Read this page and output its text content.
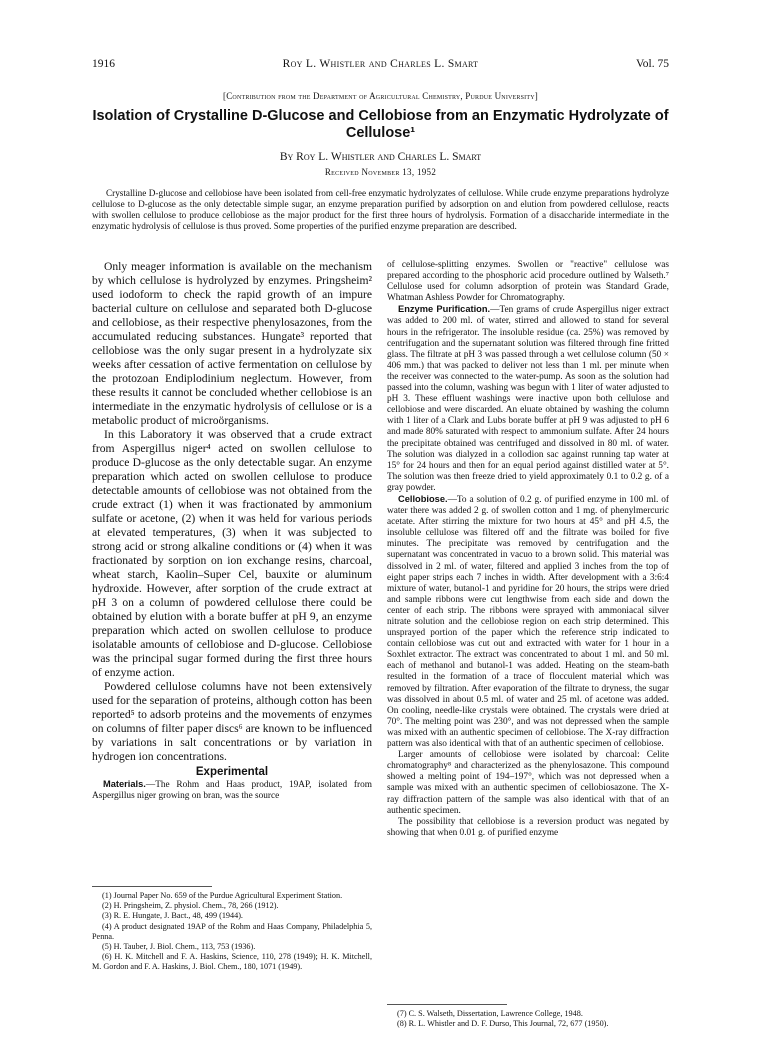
1916	Roy L. Whistler and Charles L. Smart	Vol. 75
[Contribution from the Department of Agricultural Chemistry, Purdue University]
Isolation of Crystalline D-Glucose and Cellobiose from an Enzymatic Hydrolyzate of Cellulose¹
By Roy L. Whistler and Charles L. Smart
Received November 13, 1952
Crystalline D-glucose and cellobiose have been isolated from cell-free enzymatic hydrolyzates of cellulose. While crude enzyme preparations hydrolyze cellulose to D-glucose as the only detectable simple sugar, an enzyme preparation purified by adsorption on and elution from powdered cellulose, reacts with swollen cellulose to produce cellobiose as the major product for the first three hours of hydrolysis. Formation of a disaccharide intermediate in the enzymatic hydrolysis of cellulose is thus proved. Some properties of the purified enzyme preparation are described.

Only meager information is available on the mechanism by which cellulose is hydrolyzed by enzymes. Pringsheim² used iodoform to check the rapid growth of an impure bacterial culture on cellulose and separated both D-glucose and cellobiose, as their respective phenylosazones, from the accumulated reducing substances. Hungate³ reported that cellobiose was the only sugar present in a hydrolyzate six weeks after cessation of active fermentation on cellulose by the protozoan Endiplodinium neglectum. However, from these results it cannot be concluded whether cellobiose is an intermediate in the enzymatic hydrolysis of cellulose or is a metabolic product of microörganisms.

In this Laboratory it was observed that a crude extract from Aspergillus niger⁴ acted on swollen cellulose to produce D-glucose as the only detectable sugar. An enzyme preparation which acted on swollen cellulose to produce detectable amounts of cellobiose was not obtained from the crude extract (1) when it was fractionated by ammonium sulfate or acetone, (2) when it was held for various periods at elevated temperatures, (3) when it was subjected to strong acid or strong alkaline conditions or (4) when it was fractionated by sorption on ion exchange resins, charcoal, wheat starch, Kaolin–Super Cel, bauxite or aluminum hydroxide. However, after sorption of the crude extract at pH 3 on a column of powdered cellulose there could be obtained by elution with a borate buffer at pH 9, an enzyme preparation which acted on swollen cellulose to produce isolatable amounts of cellobiose and D-glucose. Cellobiose was the principal sugar formed during the first three hours of enzyme action.

Powdered cellulose columns have not been extensively used for the separation of proteins, although cotton has been reported⁵ to adsorb proteins and the movements of enzymes on columns of filter paper discs⁶ are known to be influenced by variations in salt concentrations or by variation in hydrogen ion concentrations.

Experimental

Materials.—The Rohm and Haas product, 19AP, isolated from Aspergillus niger growing on bran, was the source

(1) Journal Paper No. 659 of the Purdue Agricultural Experiment Station.

(2) H. Pringsheim, Z. physiol. Chem., 78, 266 (1912).

(3) R. E. Hungate, J. Bact., 48, 499 (1944).

(4) A product designated 19AP of the Rohm and Haas Company, Philadelphia 5, Penna.

(5) H. Tauber, J. Biol. Chem., 113, 753 (1936).

(6) H. K. Mitchell and F. A. Haskins, Science, 110, 278 (1949); H. K. Mitchell, M. Gordon and F. A. Haskins, J. Biol. Chem., 180, 1071 (1949).

of cellulose-splitting enzymes. Swollen or "reactive" cellulose was prepared according to the phosphoric acid procedure outlined by Walseth.⁷ Cellulose used for column adsorption of protein was Standard Grade, Whatman Ashless Powder for Chromatography.

Enzyme Purification.—Ten grams of crude Aspergillus niger extract was added to 200 ml. of water, stirred and allowed to stand for several hours in the refrigerator. The insoluble residue (ca. 25%) was removed by centrifugation and the supernatant solution was filtered through fine fritted glass. The filtrate at pH 3 was passed through a wet cellulose column (50 × 406 mm.) that was packed to deliver not less than 1 ml. per minute when the receiver was connected to the water-pump. As soon as the solution had passed into the column, washing was begun with 1 liter of water adjusted to pH 3. These effluent washings were inactive upon both cellulose and cellobiose and were discarded. An eluate obtained by washing the column with 1 liter of a Clark and Lubs borate buffer at pH 9 was adjusted to pH 6 and made 80% saturated with respect to ammonium sulfate. After 24 hours the precipitate obtained was centrifuged and dissolved in 80 ml. of water. The solution was dialyzed in a collodion sac against running tap water at 15° for 24 hours and then for an equal period against distilled water at 5°. The solution was then freeze dried to yield approximately 0.1 to 0.2 g. of a gray powder.

Cellobiose.—To a solution of 0.2 g. of purified enzyme in 100 ml. of water there was added 2 g. of swollen cotton and 1 mg. of phenylmercuric acetate. After stirring the mixture for two hours at 45° and pH 4.5, the insoluble cellulose was filtered off and the filtrate was boiled for five minutes. The precipitate was removed by centrifugation and the supernatant was concentrated in vacuo to a brown solid. This material was dissolved in 2 ml. of water, filtered and applied 3 inches from the top of eight paper strips each 7 inches in width. After development with a 3:6:4 mixture of water, butanol-1 and pyridine for 20 hours, the strips were dried and sample ribbons were cut lengthwise from each side and down the center of each strip. The ribbons were sprayed with ammoniacal silver nitrate solution and the cellobiose region on each strip determined. This unsprayed portion of the paper which the reference strip indicated to contain cellobiose was cut out and extracted with water for 1 hour in a Soxhlet extractor. The extract was concentrated to about 1 ml. and 50 ml. each of methanol and butanol-1 was added. Heating on the steam-bath resulted in the formation of a trace of flocculent material which was removed by filtration. After evaporation of the filtrate to dryness, the sugar was dissolved in about 0.5 ml. of water and 25 ml. of acetone was added. On cooling, needle-like crystals were obtained. The crystals were dried at 70°. The melting point was 230°, and was not depressed when the sample was mixed with an authentic specimen of cellobiose. The X-ray diffraction pattern was also identical with that of an authentic specimen of cellobiose.

Larger amounts of cellobiose were isolated by charcoal: Celite chromatography⁸ and characterized as the phenylosazone. This compound showed a melting point of 194–197°, which was not depressed when a sample was mixed with an authentic specimen of cellobiosazone. The X-ray diffraction pattern of the sample was also identical with that of an authentic specimen.

The possibility that cellobiose is a reversion product was negated by showing that when 0.01 g. of purified enzyme

(7) C. S. Walseth, Dissertation, Lawrence College, 1948.

(8) R. L. Whistler and D. F. Durso, This Journal, 72, 677 (1950).
